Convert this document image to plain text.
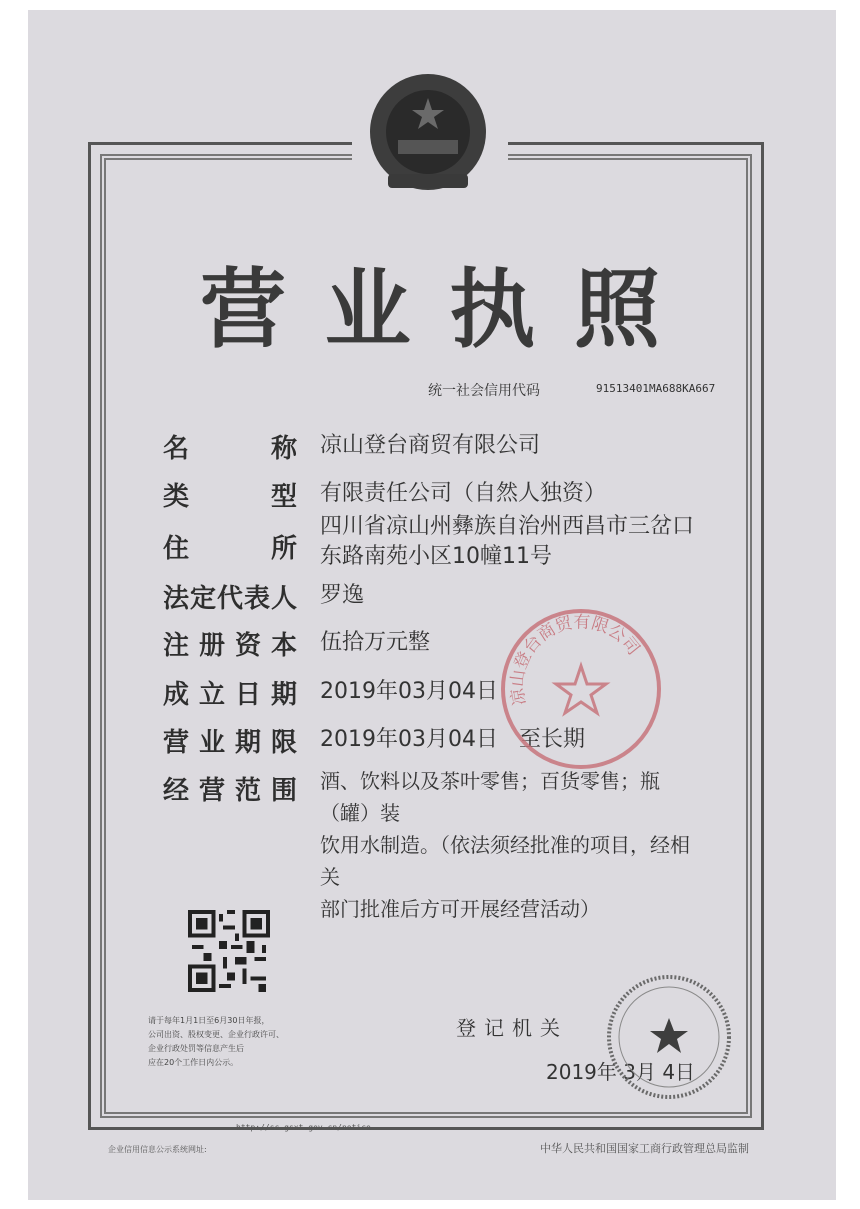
营 业 执 照
统一社会信用代码	91513401MA688KA667
名	称 凉山登台商贸有限公司
类	型 有限责任公司（自然人独资）
住	所
四川省凉山州彝族自治州西昌市三岔口
东路南苑小区10幢11号
法 定 代 表 人 罗逸
注 册 资 本 伍拾万元整
成 立 日 期 2019年03月04日
营 业 期 限 2019年03月04日   至长期
经 营 范 围 酒、饮料以及茶叶零售；百货零售；瓶（罐）装
饮用水制造。（依法须经批准的项目，经相关
部门批准后方可开展经营活动）
凉山登台商贸有限公司
请于每年1月1日至6月30日年报，
公司出资、股权变更、企业行政许可、
企业行政处罚等信息产生后
应在20个工作日内公示。
登记机关
2019年 3月 4日
http://sc.gsxt.gov.cn/notice
企业信用信息公示系统网址:	中华人民共和国国家工商行政管理总局监制
